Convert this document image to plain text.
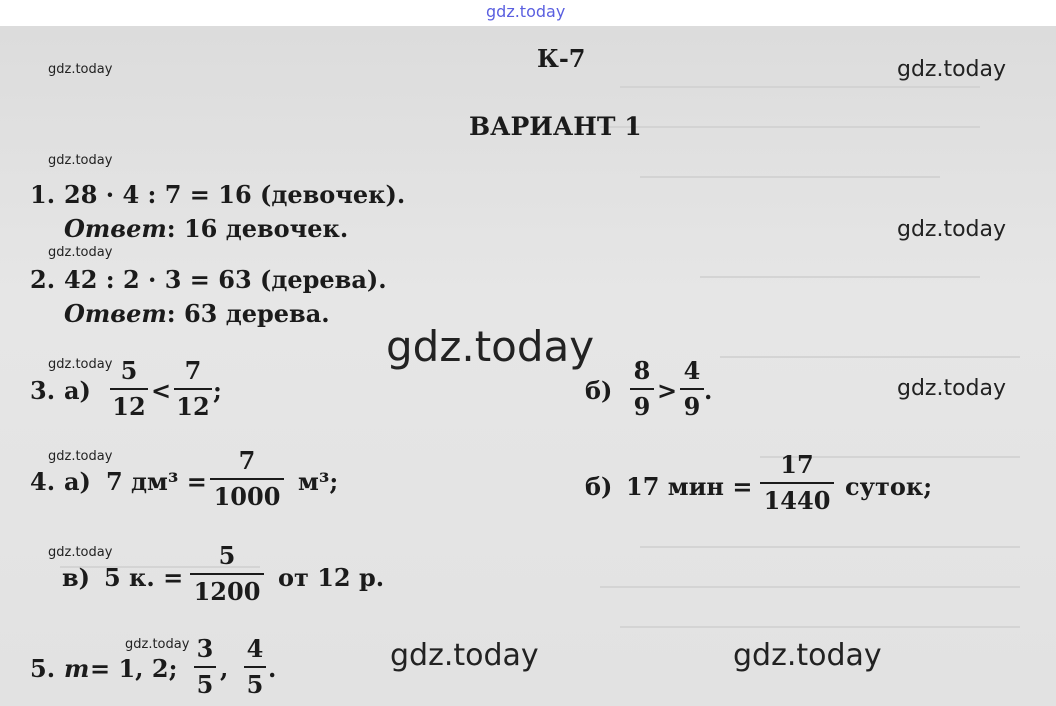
gdz.today
К-7
ВАРИАНТ 1
1. 28 · 4 : 7 = 16 (девочек).
Ответ: 16 девочек.
2. 42 : 2 · 3 = 63 (дерева).
Ответ: 63 дерева.
3. а)
5
12
<
7
12
;	б)
8
9
>
4
9
.
4. а) 7 дм³ =
7
1000
м³;	б) 17 мин =
17
1440 суток;
в) 5 к. =
5
1200 от 12 р.
5. m = 1, 2;
3
5
,
4
5
.
gdz.today
gdz.today
gdz.today
gdz.today
gdz.today
gdz.today
gdz.today
gdz.today
gdz.today
gdz.today
gdz.today	gdz.today
gdz.today
